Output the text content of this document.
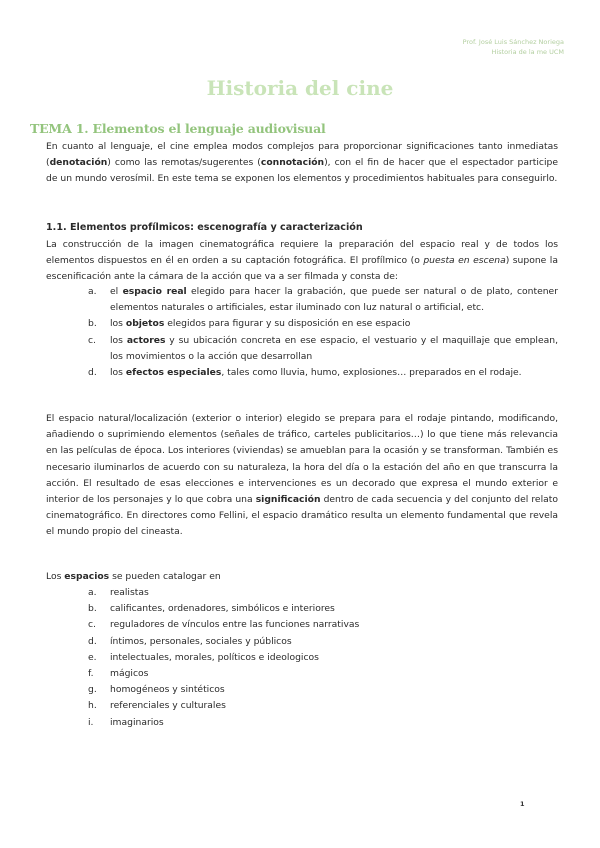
Prof. José Luis Sánchez Noriega
Historia de la me UCM
Historia del cine
TEMA 1. Elementos el lenguaje audiovisual

En cuanto al lenguaje, el cine emplea modos complejos para proporcionar significaciones tanto inmediatas (denotación) como las remotas/sugerentes (connotación), con el fin de hacer que el espectador participe de un mundo verosímil. En este tema se exponen los elementos y procedimientos habituales para conseguirlo.

1.1. Elementos profílmicos: escenografía y caracterización

La construcción de la imagen cinematográfica requiere la preparación del espacio real y de todos los elementos dispuestos en él en orden a su captación fotográfica. El profílmico (o puesta en escena) supone la escenificación ante la cámara de la acción que va a ser filmada y consta de:

a.	el espacio real elegido para hacer la grabación, que puede ser natural o de plato, contener elementos naturales o artificiales, estar iluminado con luz natural o artificial, etc.
b.	los objetos elegidos para figurar y su disposición en ese espacio
c.	los actores y su ubicación concreta en ese espacio, el vestuario y el maquillaje que emplean, los movimientos o la acción que desarrollan
d.	los efectos especiales, tales como lluvia, humo, explosiones… preparados en el rodaje.

El espacio natural/localización (exterior o interior) elegido se prepara para el rodaje pintando, modificando, añadiendo o suprimiendo elementos (señales de tráfico, carteles publicitarios…) lo que tiene más relevancia en las películas de época. Los interiores (viviendas) se amueblan para la ocasión y se transforman. También es necesario iluminarlos de acuerdo con su naturaleza, la hora del día o la estación del año en que transcurra la acción. El resultado de esas elecciones e intervenciones es un decorado que expresa el mundo exterior e interior de los personajes y lo que cobra una significación dentro de cada secuencia y del conjunto del relato cinematográfico. En directores como Fellini, el espacio dramático resulta un elemento fundamental que revela el mundo propio del cineasta.

Los espacios se pueden catalogar en

a.	realistas
b.	calificantes, ordenadores, simbólicos e interiores
c.	reguladores de vínculos entre las funciones narrativas
d.	íntimos, personales, sociales y públicos
e.	intelectuales, morales, políticos e ideologicos
f.	mágicos
g.	homogéneos y sintéticos
h.	referenciales y culturales
i.	imaginarios
1
